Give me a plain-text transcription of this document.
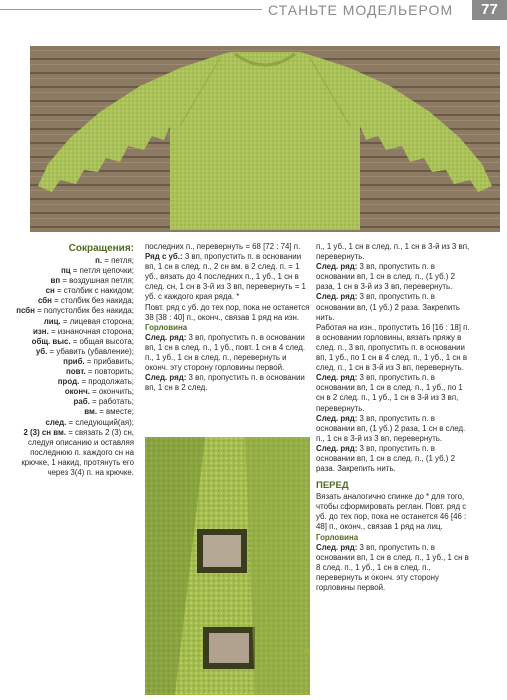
СТАНЬТЕ МОДЕЛЬЕРОМ	77
Сокращения:

п. = петля;

пц = петля цепочки;

вп = воздушная петля;

сн = столбик с накидом;

сбн = столбик без накида;

псбн = полустолбик без накида;

лиц. = лицевая сторона;

изн. = изнаночная сторона;

общ. выс. = общая высота;

уб. = убавить (убавление);

приб. = прибавить;

повт. = повторить;

прод. = продолжать;

оконч. = окончить;

раб. = работать;

вм. = вместе;

след. = следующий(ая);

2 (3) сн вм. = связать 2 (3) сн, следуя описанию и оставляя последнюю п. каждого сн на крючке, 1 накид, протянуть его через 3(4) п. на крючке.

последних п., перевернуть = 68 [72 : 74] п.

Ряд с уб.: 3 вп, пропустить п. в основании вп, 1 сн в след. п., 2 сн вм. в 2 след. п. = 1 уб., вязать до 4 последних п., 1 уб., 1 сн в след. сн, 1 сн в 3-й из 3 вп, перевернуть = 1 уб. с каждого края ряда. *

Повт. ряд с уб. до тех пор, пока не останется 38 [38 : 40] п., оконч., связав 1 ряд на изн.

Горловина

След. ряд: 3 вп, пропустить п. в основании вп, 1 сн в след. п., 1 уб., повт. 1 сн в 4 след. п., 1 уб., 1 сн в след. п., перевернуть и оконч. эту сторону горловины первой.

След. ряд: 3 вп, пропустить п. в основании вп, 1 сн в 2 след.

◆

п., 1 уб., 1 сн в след. п., 1 сн в 3-й из 3 вп, перевернуть.

След. ряд: 3 вп, пропустить п. в основании вп, 1 сн в след. п., (1 уб.) 2 раза, 1 сн в 3-й из 3 вп, перевернуть.

След. ряд: 3 вп, пропустить п. в основании вп, (1 уб.) 2 раза. Закрепить нить.

Работая на изн., пропустить 16 [16 : 18] п. в основании горловины, вязать пряжу в след. п., 3 вп, пропустить п. в основании вп, 1 уб., по 1 сн в 4 след. п., 1 уб., 1 сн в след. п., 1 сн в 3-й из 3 вп, перевернуть.

След. ряд: 3 вп, пропустить п. в основании вп, 1 сн в след. п., 1 уб., по 1 сн в 2 след. п., 1 уб., 1 сн в 3-й из 3 вп, перевернуть.

След. ряд: 3 вп, пропустить п. в основании вп, (1 уб.) 2 раза, 1 сн в след. п., 1 сн в 3-й из 3 вп, перевернуть.

След. ряд: 3 вп, пропустить п. в основании вп, 1 сн в след. п., (1 уб.) 2 раза. Закрепить нить.

ПЕРЕД

Вязать аналогично спинке до * для того, чтобы сформировать реглан. Повт. ряд с уб. до тех пор, пока не останется 46 [46 : 48] п., оконч., связав 1 ряд на лиц.

Горловина

След. ряд: 3 вп, пропустить п. в основании вп, 1 сн в след. п., 1 уб., 1 сн в 8 след. п., 1 уб., 1 сн в след. п., перевернуть и оконч. эту сторону горловины первой.
